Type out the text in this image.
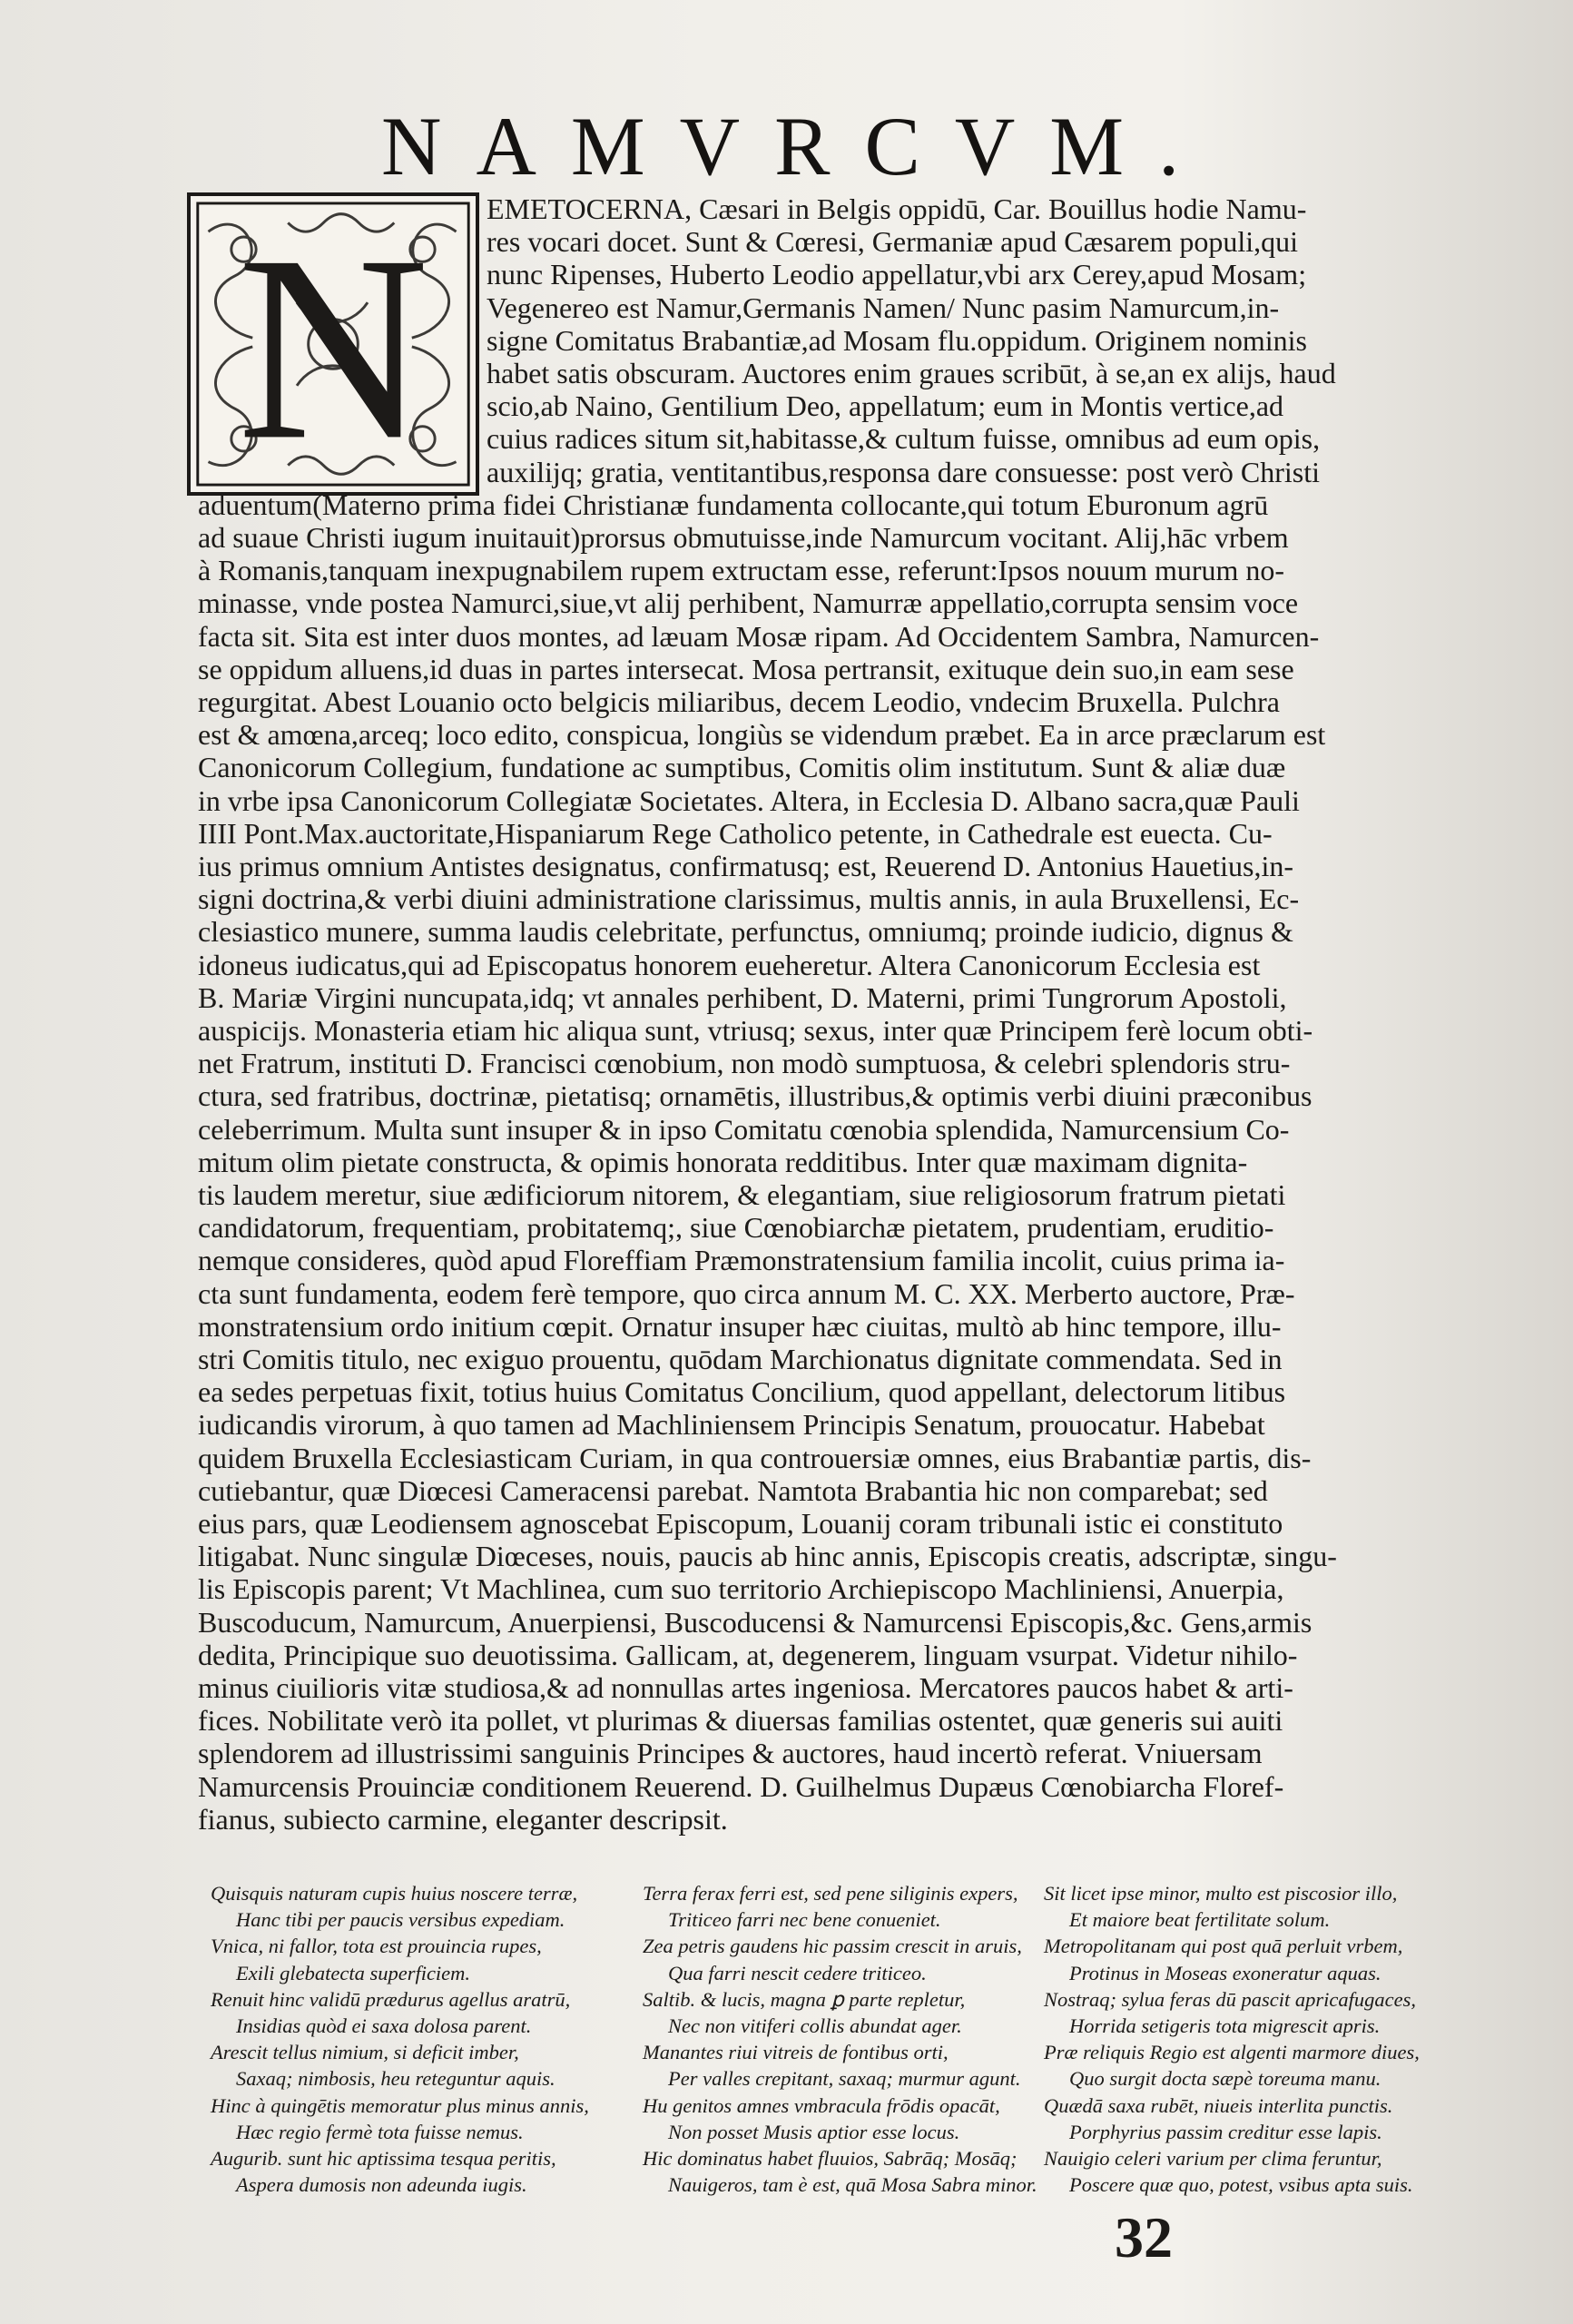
NAMVRCVM.
N EMETOCERNA, Cæsari in Belgis oppidū, Car. Bouillus hodie Namu-
res vocari docet. Sunt & Cœresi, Germaniæ apud Cæsarem populi,qui
nunc Ripenses, Huberto Leodio appellatur,vbi arx Cerey,apud Mosam;
Vegenereo est Namur,Germanis Namen/ Nunc pasim Namurcum,in-
signe Comitatus Brabantiæ,ad Mosam flu.oppidum. Originem nominis
habet satis obscuram. Auctores enim graues scribūt, à se,an ex alijs, haud
scio,ab Naino, Gentilium Deo, appellatum; eum in Montis vertice,ad
cuius radices situm sit,habitasse,& cultum fuisse, omnibus ad eum opis,
auxilijq; gratia, ventitantibus,responsa dare consuesse: post verò Christi
aduentum(Materno prima fidei Christianæ fundamenta collocante,qui totum Eburonum agrū
ad suaue Christi iugum inuitauit)prorsus obmutuisse,inde Namurcum vocitant. Alij,hāc vrbem
à Romanis,tanquam inexpugnabilem rupem extructam esse, referunt:Ipsos nouum murum no-
minasse, vnde postea Namurci,siue,vt alij perhibent, Namurræ appellatio,corrupta sensim voce
facta sit. Sita est inter duos montes, ad læuam Mosæ ripam. Ad Occidentem Sambra, Namurcen-
se oppidum alluens,id duas in partes intersecat. Mosa pertransit, exituque dein suo,in eam sese
regurgitat. Abest Louanio octo belgicis miliaribus, decem Leodio, vndecim Bruxella. Pulchra
est & amœna,arceq; loco edito, conspicua, longiùs se videndum præbet. Ea in arce præclarum est
Canonicorum Collegium, fundatione ac sumptibus, Comitis olim institutum. Sunt & aliæ duæ
in vrbe ipsa Canonicorum Collegiatæ Societates. Altera, in Ecclesia D. Albano sacra,quæ Pauli
IIII Pont.Max.auctoritate,Hispaniarum Rege Catholico petente, in Cathedrale est euecta. Cu-
ius primus omnium Antistes designatus, confirmatusq; est, Reuerend D. Antonius Hauetius,in-
signi doctrina,& verbi diuini administratione clarissimus, multis annis, in aula Bruxellensi, Ec-
clesiastico munere, summa laudis celebritate, perfunctus, omniumq; proinde iudicio, dignus &
idoneus iudicatus,qui ad Episcopatus honorem eueheretur. Altera Canonicorum Ecclesia est
B. Mariæ Virgini nuncupata,idq; vt annales perhibent, D. Materni, primi Tungrorum Apostoli,
auspicijs. Monasteria etiam hic aliqua sunt, vtriusq; sexus, inter quæ Principem ferè locum obti-
net Fratrum, instituti D. Francisci cœnobium, non modò sumptuosa, & celebri splendoris stru-
ctura, sed fratribus, doctrinæ, pietatisq; ornamētis, illustribus,& optimis verbi diuini præconibus
celeberrimum. Multa sunt insuper & in ipso Comitatu cœnobia splendida, Namurcensium Co-
mitum olim pietate constructa, & opimis honorata redditibus. Inter quæ maximam dignita-
tis laudem meretur, siue ædificiorum nitorem, & elegantiam, siue religiosorum fratrum pietati
candidatorum, frequentiam, probitatemq;, siue Cœnobiarchæ pietatem, prudentiam, eruditio-
nemque consideres, quòd apud Floreffiam Præmonstratensium familia incolit, cuius prima ia-
cta sunt fundamenta, eodem ferè tempore, quo circa annum M. C. XX. Merberto auctore, Præ-
monstratensium ordo initium cœpit. Ornatur insuper hæc ciuitas, multò ab hinc tempore, illu-
stri Comitis titulo, nec exiguo prouentu, quōdam Marchionatus dignitate commendata. Sed in
ea sedes perpetuas fixit, totius huius Comitatus Concilium, quod appellant, delectorum litibus
iudicandis virorum, à quo tamen ad Machliniensem Principis Senatum, prouocatur. Habebat
quidem Bruxella Ecclesiasticam Curiam, in qua controuersiæ omnes, eius Brabantiæ partis, dis-
cutiebantur, quæ Diœcesi Cameracensi parebat. Namtota Brabantia hic non comparebat; sed
eius pars, quæ Leodiensem agnoscebat Episcopum, Louanij coram tribunali istic ei constituto
litigabat. Nunc singulæ Diœceses, nouis, paucis ab hinc annis, Episcopis creatis, adscriptæ, singu-
lis Episcopis parent; Vt Machlinea, cum suo territorio Archiepiscopo Machliniensi, Anuerpia,
Buscoducum, Namurcum, Anuerpiensi, Buscoducensi & Namurcensi Episcopis,&c. Gens,armis
dedita, Principique suo deuotissima. Gallicam, at, degenerem, linguam vsurpat. Videtur nihilo-
minus ciuilioris vitæ studiosa,& ad nonnullas artes ingeniosa. Mercatores paucos habet & arti-
fices. Nobilitate verò ita pollet, vt plurimas & diuersas familias ostentet, quæ generis sui auiti
splendorem ad illustrissimi sanguinis Principes & auctores, haud incertò referat. Vniuersam
Namurcensis Prouinciæ conditionem Reuerend. D. Guilhelmus Dupæus Cœnobiarcha Floref-
fianus, subiecto carmine, eleganter descripsit.
Quisquis naturam cupis huius noscere terræ,
Hanc tibi per paucis versibus expediam.
Vnica, ni fallor, tota est prouincia rupes,
Exili glebatecta superficiem.
Renuit hinc validū prædurus agellus aratrū,
Insidias quòd ei saxa dolosa parent.
Arescit tellus nimium, si deficit imber,
Saxaq; nimbosis, heu reteguntur aquis.
Hinc à quingētis memoratur plus minus annis,
Hæc regio fermè tota fuisse nemus.
Augurib. sunt hic aptissima tesqua peritis,
Aspera dumosis non adeunda iugis.
Terra ferax ferri est, sed pene siliginis expers,
Triticeo farri nec bene conueniet.
Zea petris gaudens hic passim crescit in aruis,
Qua farri nescit cedere triticeo.
Saltib. & lucis, magna ꝑ parte repletur,
Nec non vitiferi collis abundat ager.
Manantes riui vitreis de fontibus orti,
Per valles crepitant, saxaq; murmur agunt.
Hu genitos amnes vmbracula frōdis opacāt,
Non posset Musis aptior esse locus.
Hic dominatus habet fluuios, Sabrāq; Mosāq;
Nauigeros, tam è est, quā Mosa Sabra minor.
Sit licet ipse minor, multo est piscosior illo,
Et maiore beat fertilitate solum.
Metropolitanam qui post quā perluit vrbem,
Protinus in Moseas exoneratur aquas.
Nostraq; sylua feras dū pascit apricafugaces,
Horrida setigeris tota migrescit apris.
Præ reliquis Regio est algenti marmore diues,
Quo surgit docta sæpè toreuma manu.
Quædā saxa rubēt, niueis interlita punctis.
Porphyrius passim creditur esse lapis.
Nauigio celeri varium per clima feruntur,
Poscere quæ quo, potest, vsibus apta suis.
32
